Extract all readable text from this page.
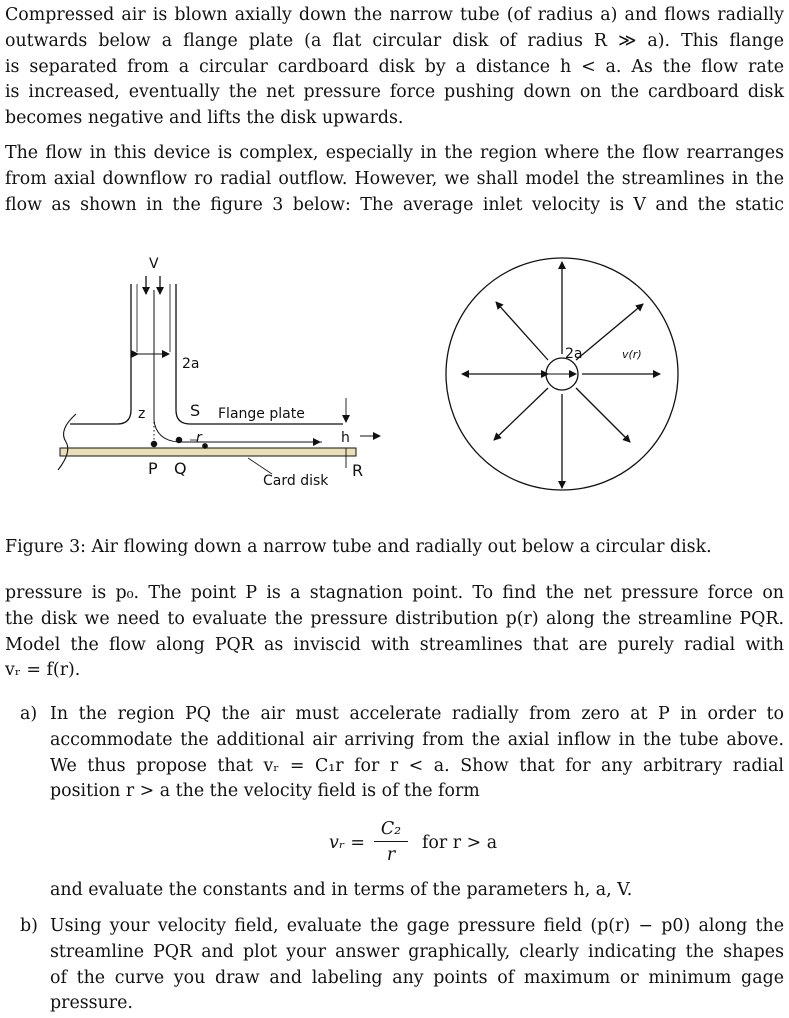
Compressed air is blown axially down the narrow tube (of radius a) and flows radially
outwards below a flange plate (a flat circular disk of radius R ≫ a). This flange
is separated from a circular cardboard disk by a distance h < a. As the flow rate
is increased, eventually the net pressure force pushing down on the cardboard disk
becomes negative and lifts the disk upwards.

The flow in this device is complex, especially in the region where the flow rearranges
from axial downflow ro radial outflow. However, we shall model the streamlines in the
flow as shown in the figure 3 below: The average inlet velocity is V and the static

V
2a
z	S Flange plate
h
r
P Q	R
Card disk
2a	v(r)
Figure 3: Air flowing down a narrow tube and radially out below a circular disk.

pressure is p₀. The point P is a stagnation point. To find the net pressure force on
the disk we need to evaluate the pressure distribution p(r) along the streamline PQR.
Model the flow along PQR as inviscid with streamlines that are purely radial with
vᵣ = f(r).

a) In the region PQ the air must accelerate radially from zero at P in order to
accommodate the additional air arriving from the axial inflow in the tube above.
We thus propose that vᵣ = C₁r for r < a. Show that for any arbitrary radial
position r > a the the velocity field is of the form
vᵣ = $\frac{\text{C₂}}{r}$ for r > a
and evaluate the constants and in terms of the parameters h, a, V.
b) Using your velocity field, evaluate the gage pressure field (p(r) − p0) along the
streamline PQR and plot your answer graphically, clearly indicating the shapes
of the curve you draw and labeling any points of maximum or minimum gage
pressure.
